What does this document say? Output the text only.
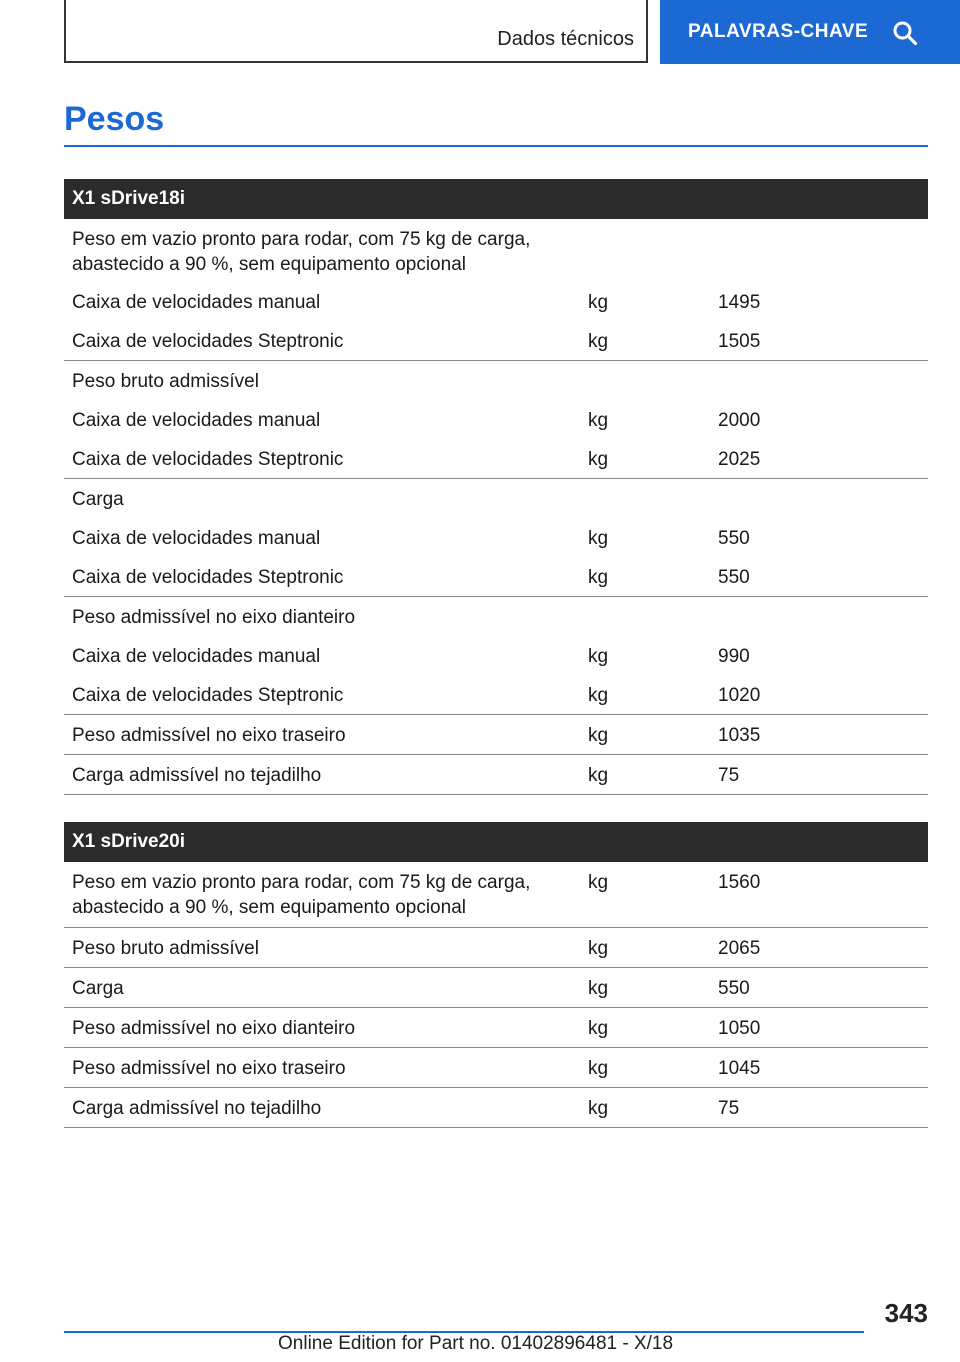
Dados técnicos	PALAVRAS-CHAVE
Pesos
X1 sDrive18i
Peso em vazio pronto para rodar, com 75 kg de carga,
abastecido a 90 %, sem equipamento opcional
Caixa de velocidades manual	kg	1495
Caixa de velocidades Steptronic	kg	1505
Peso bruto admissível
Caixa de velocidades manual	kg	2000
Caixa de velocidades Steptronic	kg	2025
Carga
Caixa de velocidades manual	kg	550
Caixa de velocidades Steptronic	kg	550
Peso admissível no eixo dianteiro
Caixa de velocidades manual	kg	990
Caixa de velocidades Steptronic	kg	1020
Peso admissível no eixo traseiro	kg	1035
Carga admissível no tejadilho	kg	75
X1 sDrive20i
Peso em vazio pronto para rodar, com 75 kg de carga,
abastecido a 90 %, sem equipamento opcional
kg	1560
Peso bruto admissível	kg	2065
Carga	kg	550
Peso admissível no eixo dianteiro	kg	1050
Peso admissível no eixo traseiro	kg	1045
Carga admissível no tejadilho	kg	75
343
Online Edition for Part no. 01402896481 - X/18
